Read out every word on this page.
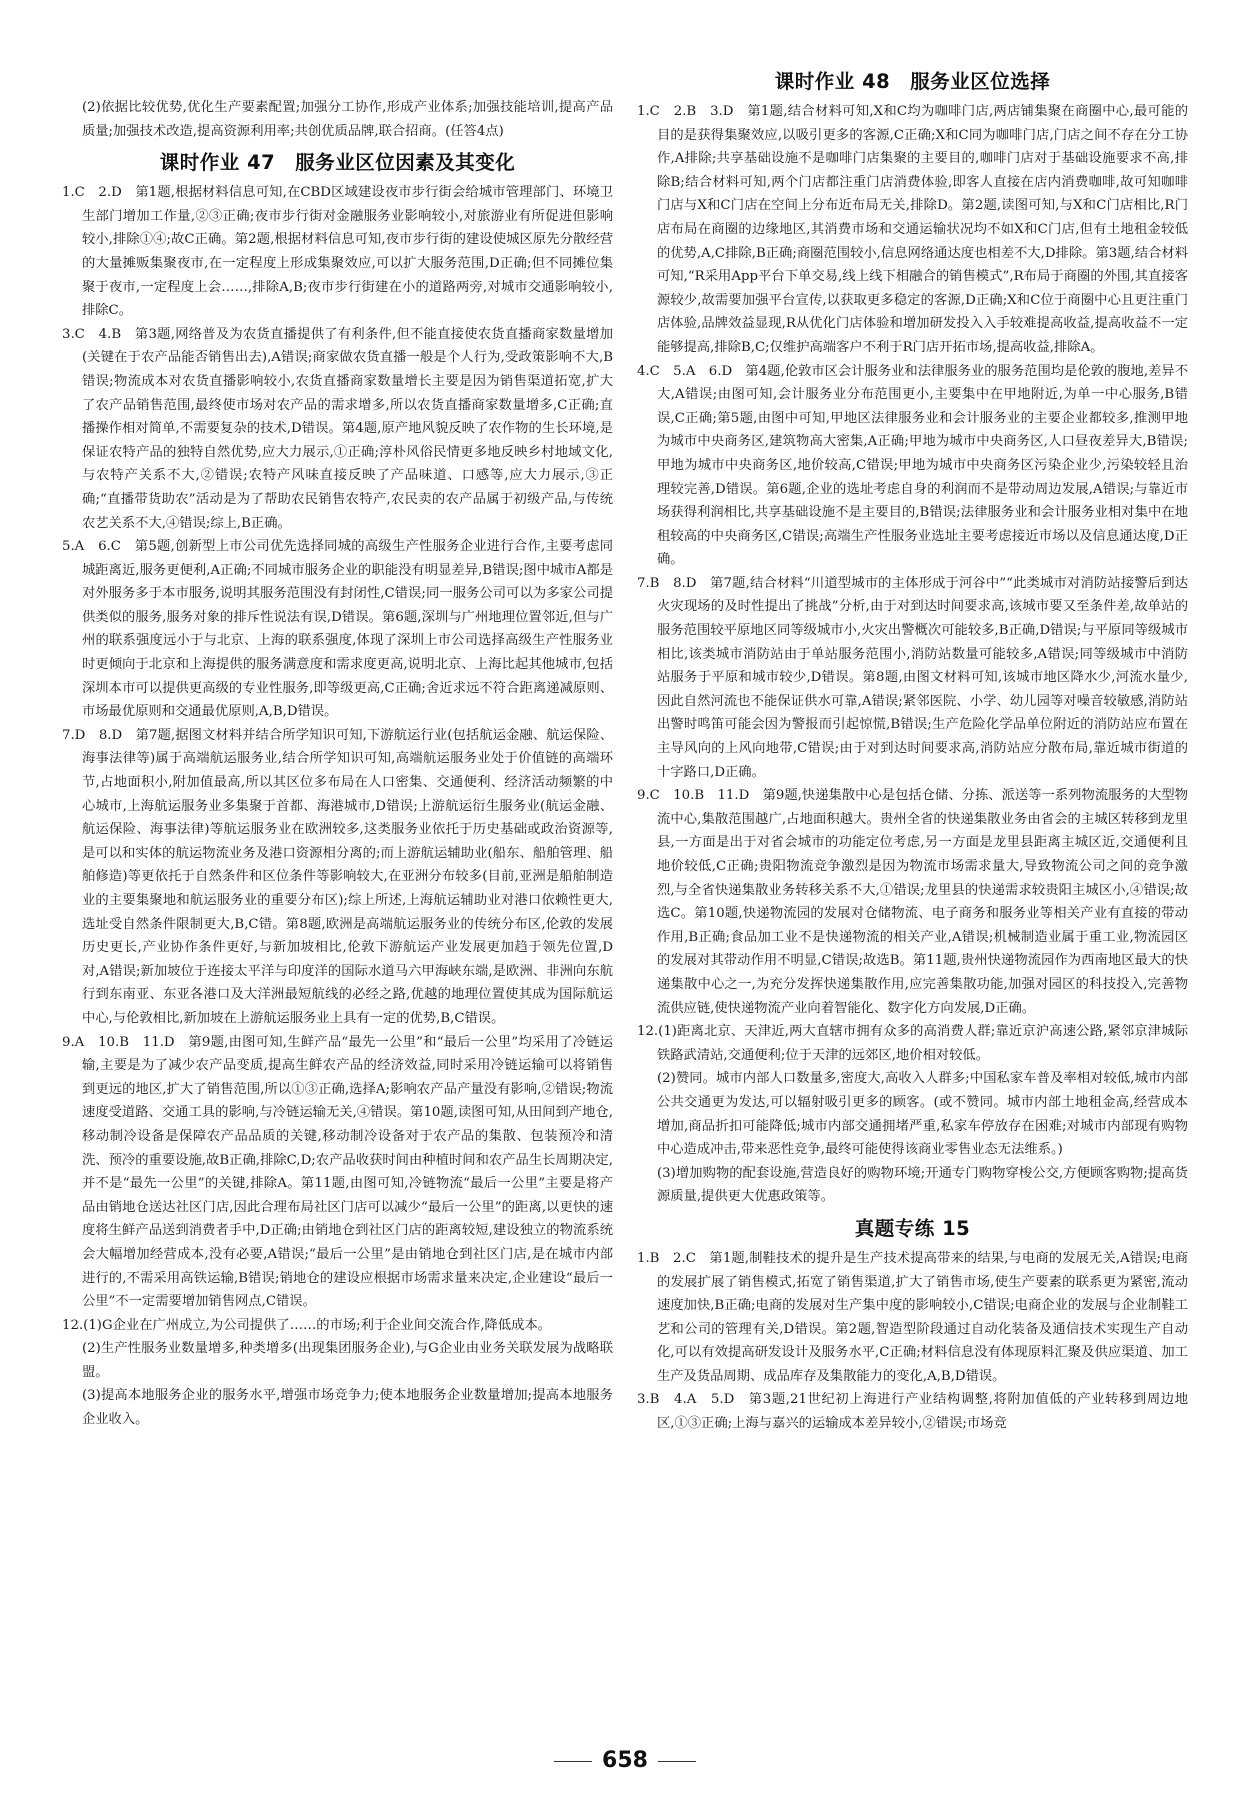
(2)依据比较优势,优化生产要素配置;加强分工协作,形成产业体系;加强技能培训,提高产品质量;加强技术改造,提高资源利用率;共创优质品牌,联合招商。(任答4点)

课时作业 47　服务业区位因素及其变化

1.C　2.D　第1题,根据材料信息可知,在CBD区域建设夜市步行街会给城市管理部门、环境卫生部门增加工作量,②③正确;夜市步行街对金融服务业影响较小,对旅游业有所促进但影响较小,排除①④;故C正确。第2题,根据材料信息可知,夜市步行街的建设使城区原先分散经营的大量摊贩集聚夜市,在一定程度上形成集聚效应,可以扩大服务范围,D正确;但不同摊位集聚于夜市,一定程度上会……,排除A,B;夜市步行街建在小的道路两旁,对城市交通影响较小,排除C。

3.C　4.B　第3题,网络普及为农货直播提供了有利条件,但不能直接使农货直播商家数量增加(关键在于农产品能否销售出去),A错误;商家做农货直播一般是个人行为,受政策影响不大,B错误;物流成本对农货直播影响较小,农货直播商家数量增长主要是因为销售渠道拓宽,扩大了农产品销售范围,最终使市场对农产品的需求增多,所以农货直播商家数量增多,C正确;直播操作相对简单,不需要复杂的技术,D错误。第4题,原产地风貌反映了农作物的生长环境,是保证农特产品的独特自然优势,应大力展示,①正确;淳朴风俗民情更多地反映乡村地域文化,与农特产关系不大,②错误;农特产风味直接反映了产品味道、口感等,应大力展示,③正确;“直播带货助农”活动是为了帮助农民销售农特产,农民卖的农产品属于初级产品,与传统农艺关系不大,④错误;综上,B正确。

5.A　6.C　第5题,创新型上市公司优先选择同城的高级生产性服务企业进行合作,主要考虑同城距离近,服务更便利,A正确;不同城市服务企业的职能没有明显差异,B错误;图中城市A都是对外服务多于本市服务,说明其服务范围没有封闭性,C错误;同一服务公司可以为多家公司提供类似的服务,服务对象的排斥性说法有误,D错误。第6题,深圳与广州地理位置邻近,但与广州的联系强度远小于与北京、上海的联系强度,体现了深圳上市公司选择高级生产性服务业时更倾向于北京和上海提供的服务满意度和需求度更高,说明北京、上海比起其他城市,包括深圳本市可以提供更高级的专业性服务,即等级更高,C正确;舍近求远不符合距离递减原则、市场最优原则和交通最优原则,A,B,D错误。

7.D　8.D　第7题,据图文材料并结合所学知识可知,下游航运行业(包括航运金融、航运保险、海事法律等)属于高端航运服务业,结合所学知识可知,高端航运服务业处于价值链的高端环节,占地面积小,附加值最高,所以其区位多布局在人口密集、交通便利、经济活动频繁的中心城市,上海航运服务业多集聚于首都、海港城市,D错误;上游航运衍生服务业(航运金融、航运保险、海事法律)等航运服务业在欧洲较多,这类服务业依托于历史基础或政治资源等,是可以和实体的航运物流业务及港口资源相分离的;而上游航运辅助业(船东、船舶管理、船舶修造)等更依托于自然条件和区位条件等影响较大,在亚洲分布较多(目前,亚洲是船舶制造业的主要集聚地和航运服务业的重要分布区);综上所述,上海航运辅助业对港口依赖性更大,选址受自然条件限制更大,B,C错。第8题,欧洲是高端航运服务业的传统分布区,伦敦的发展历史更长,产业协作条件更好,与新加坡相比,伦敦下游航运产业发展更加趋于领先位置,D对,A错误;新加坡位于连接太平洋与印度洋的国际水道马六甲海峡东端,是欧洲、非洲向东航行到东南亚、东亚各港口及大洋洲最短航线的必经之路,优越的地理位置使其成为国际航运中心,与伦敦相比,新加坡在上游航运服务业上具有一定的优势,B,C错误。

9.A　10.B　11.D　第9题,由图可知,生鲜产品“最先一公里”和“最后一公里”均采用了冷链运输,主要是为了减少农产品变质,提高生鲜农产品的经济效益,同时采用冷链运输可以将销售到更远的地区,扩大了销售范围,所以①③正确,选择A;影响农产品产量没有影响,②错误;物流速度受道路、交通工具的影响,与冷链运输无关,④错误。第10题,读图可知,从田间到产地仓,移动制冷设备是保障农产品品质的关键,移动制冷设备对于农产品的集散、包装预冷和清洗、预冷的重要设施,故B正确,排除C,D;农产品收获时间由种植时间和农产品生长周期决定,并不是“最先一公里”的关键,排除A。第11题,由图可知,冷链物流“最后一公里”主要是将产品由销地仓送达社区门店,因此合理布局社区门店可以减少“最后一公里”的距离,以更快的速度将生鲜产品送到消费者手中,D正确;由销地仓到社区门店的距离较短,建设独立的物流系统会大幅增加经营成本,没有必要,A错误;“最后一公里”是由销地仓到社区门店,是在城市内部进行的,不需采用高铁运输,B错误;销地仓的建设应根据市场需求量来决定,企业建设“最后一公里”不一定需要增加销售网点,C错误。

12.(1)G企业在广州成立,为公司提供了……的市场;利于企业间交流合作,降低成本。

(2)生产性服务业数量增多,种类增多(出现集团服务企业),与G企业由业务关联发展为战略联盟。

(3)提高本地服务企业的服务水平,增强市场竞争力;使本地服务企业数量增加;提高本地服务企业收入。

课时作业 48　服务业区位选择

1.C　2.B　3.D　第1题,结合材料可知,X和C均为咖啡门店,两店铺集聚在商圈中心,最可能的目的是获得集聚效应,以吸引更多的客源,C正确;X和C同为咖啡门店,门店之间不存在分工协作,A排除;共享基础设施不是咖啡门店集聚的主要目的,咖啡门店对于基础设施要求不高,排除B;结合材料可知,两个门店都注重门店消费体验,即客人直接在店内消费咖啡,故可知咖啡门店与X和C门店在空间上分布近布局无关,排除D。第2题,读图可知,与X和C门店相比,R门店布局在商圈的边缘地区,其消费市场和交通运输状况均不如X和C门店,但有土地租金较低的优势,A,C排除,B正确;商圈范围较小,信息网络通达度也相差不大,D排除。第3题,结合材料可知,“R采用App平台下单交易,线上线下相融合的销售模式”,R布局于商圈的外围,其直接客源较少,故需要加强平台宣传,以获取更多稳定的客源,D正确;X和C位于商圈中心且更注重门店体验,品牌效益显现,R从优化门店体验和增加研发投入入手较难提高收益,提高收益不一定能够提高,排除B,C;仅维护高端客户不利于R门店开拓市场,提高收益,排除A。

4.C　5.A　6.D　第4题,伦敦市区会计服务业和法律服务业的服务范围均是伦敦的腹地,差异不大,A错误;由图可知,会计服务业分布范围更小,主要集中在甲地附近,为单一中心服务,B错误,C正确;第5题,由图中可知,甲地区法律服务业和会计服务业的主要企业都较多,推测甲地为城市中央商务区,建筑物高大密集,A正确;甲地为城市中央商务区,人口昼夜差异大,B错误;甲地为城市中央商务区,地价较高,C错误;甲地为城市中央商务区污染企业少,污染较轻且治理较完善,D错误。第6题,企业的选址考虑自身的利润而不是带动周边发展,A错误;与靠近市场获得利润相比,共享基础设施不是主要目的,B错误;法律服务业和会计服务业相对集中在地租较高的中央商务区,C错误;高端生产性服务业选址主要考虑接近市场以及信息通达度,D正确。

7.B　8.D　第7题,结合材料“川道型城市的主体形成于河谷中”“此类城市对消防站接警后到达火灾现场的及时性提出了挑战”分析,由于对到达时间要求高,该城市要又至条件差,故单站的服务范围较平原地区同等级城市小,火灾出警概次可能较多,B正确,D错误;与平原同等级城市相比,该类城市消防站由于单站服务范围小,消防站数量可能较多,A错误;同等级城市中消防站服务于平原和城市较少,D错误。第8题,由图文材料可知,该城市地区降水少,河流水量少,因此自然河流也不能保证供水可靠,A错误;紧邻医院、小学、幼儿园等对噪音较敏感,消防站出警时鸣笛可能会因为警报而引起惊慌,B错误;生产危险化学品单位附近的消防站应布置在主导风向的上风向地带,C错误;由于对到达时间要求高,消防站应分散布局,靠近城市街道的十字路口,D正确。

9.C　10.B　11.D　第9题,快递集散中心是包括仓储、分拣、派送等一系列物流服务的大型物流中心,集散范围越广,占地面积越大。贵州全省的快递集散业务由省会的主城区转移到龙里县,一方面是出于对省会城市的功能定位考虑,另一方面是龙里县距离主城区近,交通便利且地价较低,C正确;贵阳物流竞争激烈是因为物流市场需求量大,导致物流公司之间的竞争激烈,与全省快递集散业务转移关系不大,①错误;龙里县的快递需求较贵阳主城区小,④错误;故选C。第10题,快递物流园的发展对仓储物流、电子商务和服务业等相关产业有直接的带动作用,B正确;食品加工业不是快递物流的相关产业,A错误;机械制造业属于重工业,物流园区的发展对其带动作用不明显,C错误;故选B。第11题,贵州快递物流园作为西南地区最大的快递集散中心之一,为充分发挥快递集散作用,应完善集散功能,加强对园区的科技投入,完善物流供应链,使快递物流产业向着智能化、数字化方向发展,D正确。

12.(1)距离北京、天津近,两大直辖市拥有众多的高消费人群;靠近京沪高速公路,紧邻京津城际铁路武清站,交通便利;位于天津的远郊区,地价相对较低。

(2)赞同。城市内部人口数量多,密度大,高收入人群多;中国私家车普及率相对较低,城市内部公共交通更为发达,可以辐射吸引更多的顾客。(或不赞同。城市内部土地租金高,经营成本增加,商品折扣可能降低;城市内部交通拥堵严重,私家车停放存在困难;对城市内部现有购物中心造成冲击,带来恶性竞争,最终可能使得该商业零售业态无法维系。)

(3)增加购物的配套设施,营造良好的购物环境;开通专门购物穿梭公交,方便顾客购物;提高货源质量,提供更大优惠政策等。

真题专练 15

1.B　2.C　第1题,制鞋技术的提升是生产技术提高带来的结果,与电商的发展无关,A错误;电商的发展扩展了销售模式,拓宽了销售渠道,扩大了销售市场,使生产要素的联系更为紧密,流动速度加快,B正确;电商的发展对生产集中度的影响较小,C错误;电商企业的发展与企业制鞋工艺和公司的管理有关,D错误。第2题,智造型阶段通过自动化装备及通信技术实现生产自动化,可以有效提高研发设计及服务水平,C正确;材料信息没有体现原料汇聚及供应渠道、加工生产及货品周期、成品库存及集散能力的变化,A,B,D错误。

3.B　4.A　5.D　第3题,21世纪初上海进行产业结构调整,将附加值低的产业转移到周边地区,①③正确;上海与嘉兴的运输成本差异较小,②错误;市场竞

658
